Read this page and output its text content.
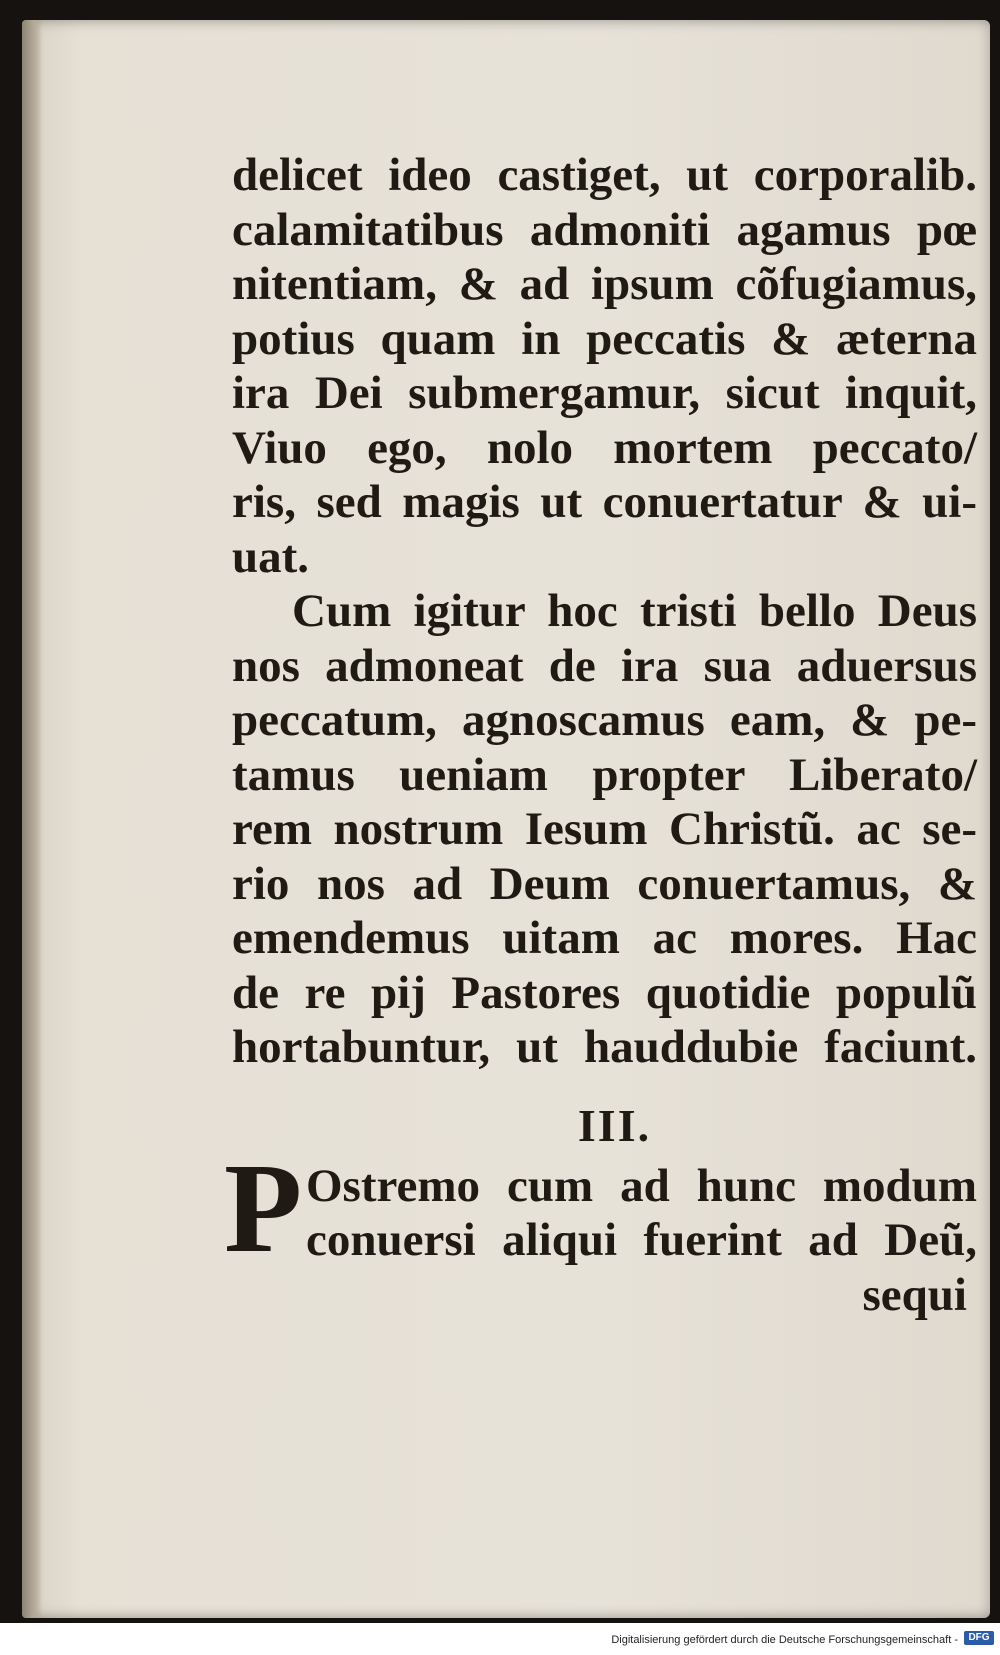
delicet ideo castiget, ut corporalib.
calamitatibus admoniti agamus pœ
nitentiam, & ad ipsum cõfugiamus,
potius quam in peccatis & æterna
ira Dei submergamur, sicut inquit,
Viuo ego, nolo mortem peccato/
ris, sed magis ut conuertatur & ui-
uat.
Cum igitur hoc tristi bello Deus
nos admoneat de ira sua aduersus
peccatum, agnoscamus eam, & pe-
tamus ueniam propter Liberato/
rem nostrum Iesum Christũ. ac se-
rio nos ad Deum conuertamus, &
emendemus uitam ac mores. Hac
de re pij Pastores quotidie populũ
hortabuntur, ut hauddubie faciunt.
III.
P Ostremo cum ad hunc modum
conuersi aliqui fuerint ad Deũ,
sequi
Digitalisierung gefördert durch die Deutsche Forschungsgemeinschaft -	DFG
